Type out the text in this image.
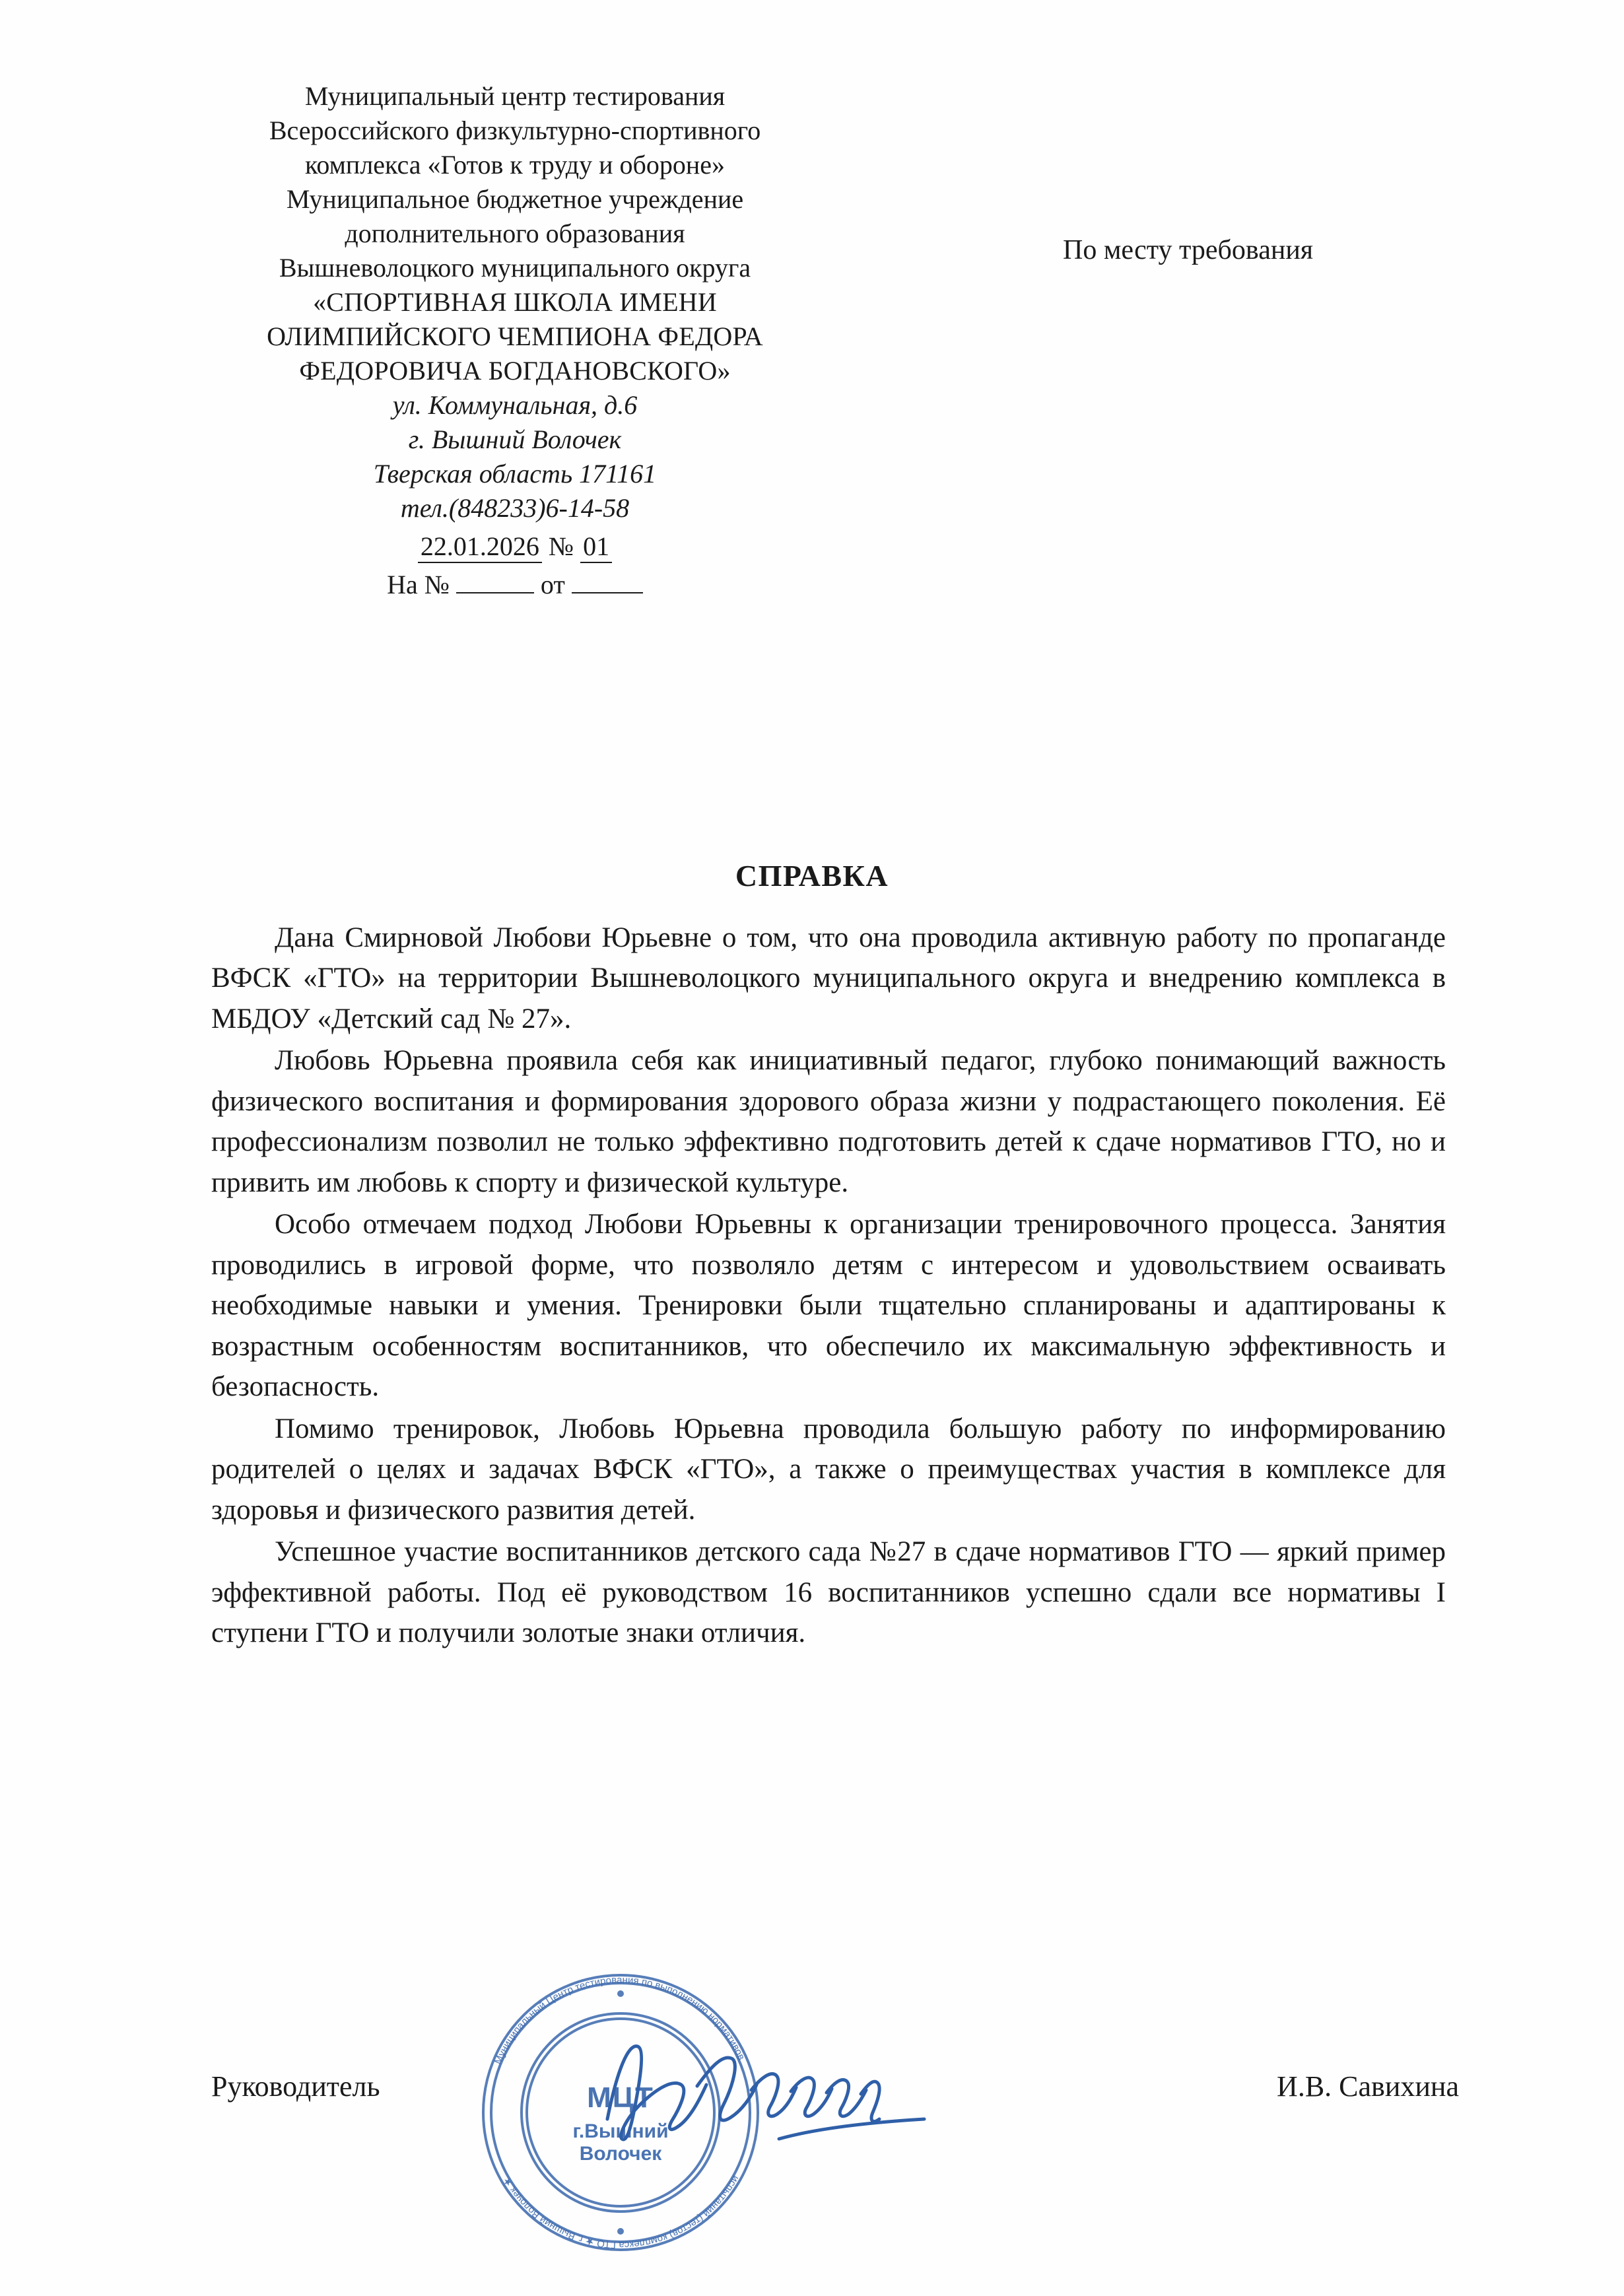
Муниципальный центр тестирования
Всероссийского физкультурно-спортивного
комплекса «Готов к труду и обороне»
Муниципальное бюджетное учреждение
дополнительного образования
Вышневолоцкого муниципального округа
«СПОРТИВНАЯ ШКОЛА ИМЕНИ
ОЛИМПИЙСКОГО ЧЕМПИОНА ФЕДОРА
ФЕДОРОВИЧА БОГДАНОВСКОГО»
ул. Коммунальная, д.6
г. Вышний Волочек
Тверская область 171161
тел.(848233)6-14-58
22.01.2026 № 01
На №	от
По месту требования
СПРАВКА

Дана Смирновой Любови Юрьевне о том, что она проводила активную работу по пропаганде ВФСК «ГТО» на территории Вышневолоцкого муниципального округа и внедрению комплекса в МБДОУ «Детский сад № 27».

Любовь Юрьевна проявила себя как инициативный педагог, глубоко понимающий важность физического воспитания и формирования здорового образа жизни у подрастающего поколения. Её профессионализм позволил не только эффективно подготовить детей к сдаче нормативов ГТО, но и привить им любовь к спорту и физической культуре.

Особо отмечаем подход Любови Юрьевны к организации тренировочного процесса. Занятия проводились в игровой форме, что позволяло детям с интересом и удовольствием осваивать необходимые навыки и умения. Тренировки были тщательно спланированы и адаптированы к возрастным особенностям воспитанников, что обеспечило их максимальную эффективность и безопасность.

Помимо тренировок, Любовь Юрьевна проводила большую работу по информированию родителей о целях и задачах ВФСК «ГТО», а также о преимуществах участия в комплексе для здоровья и физического развития детей.

Успешное участие воспитанников детского сада №27 в сдаче нормативов ГТО — яркий пример эффективной работы. Под её руководством 16 воспитанников успешно сдали все нормативы I ступени ГТО и получили золотые знаки отличия.

Муниципальный Центр тестирования по выполнению нормативов
испытаний (тестов) комплекса ГТО ★ г. Вышний Волочек ★
МЦТ
г.Вышний
Волочек
Руководитель	И.В. Савихина
